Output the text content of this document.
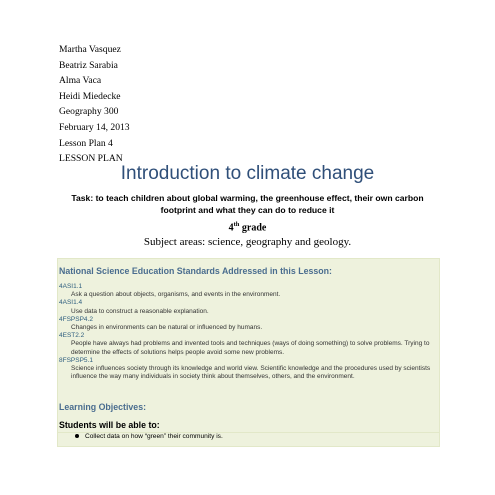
Martha Vasquez
Beatriz Sarabia
Alma Vaca
Heidi Miedecke
Geography 300
February 14, 2013
Lesson Plan 4
LESSON PLAN
Introduction to climate change
Task: to teach children about global warming, the greenhouse effect, their own carbon footprint and what they can do to reduce it
4th grade
Subject areas: science, geography and geology.
National Science Education Standards Addressed in this Lesson:
4ASI1.1
Ask a question about objects, organisms, and events in the environment.
4ASI1.4
Use data to construct a reasonable explanation.
4FSPSP4.2
Changes in environments can be natural or influenced by humans.
4EST2.2
People have always had problems and invented tools and techniques (ways of doing something) to solve problems. Trying to determine the effects of solutions helps people avoid some new problems.
8FSPSP5.1
Science influences society through its knowledge and world view. Scientific knowledge and the procedures used by scientists influence the way many individuals in society think about themselves, others, and the environment.
Learning Objectives:
Students will be able to:
Collect data on how “green” their community is.
